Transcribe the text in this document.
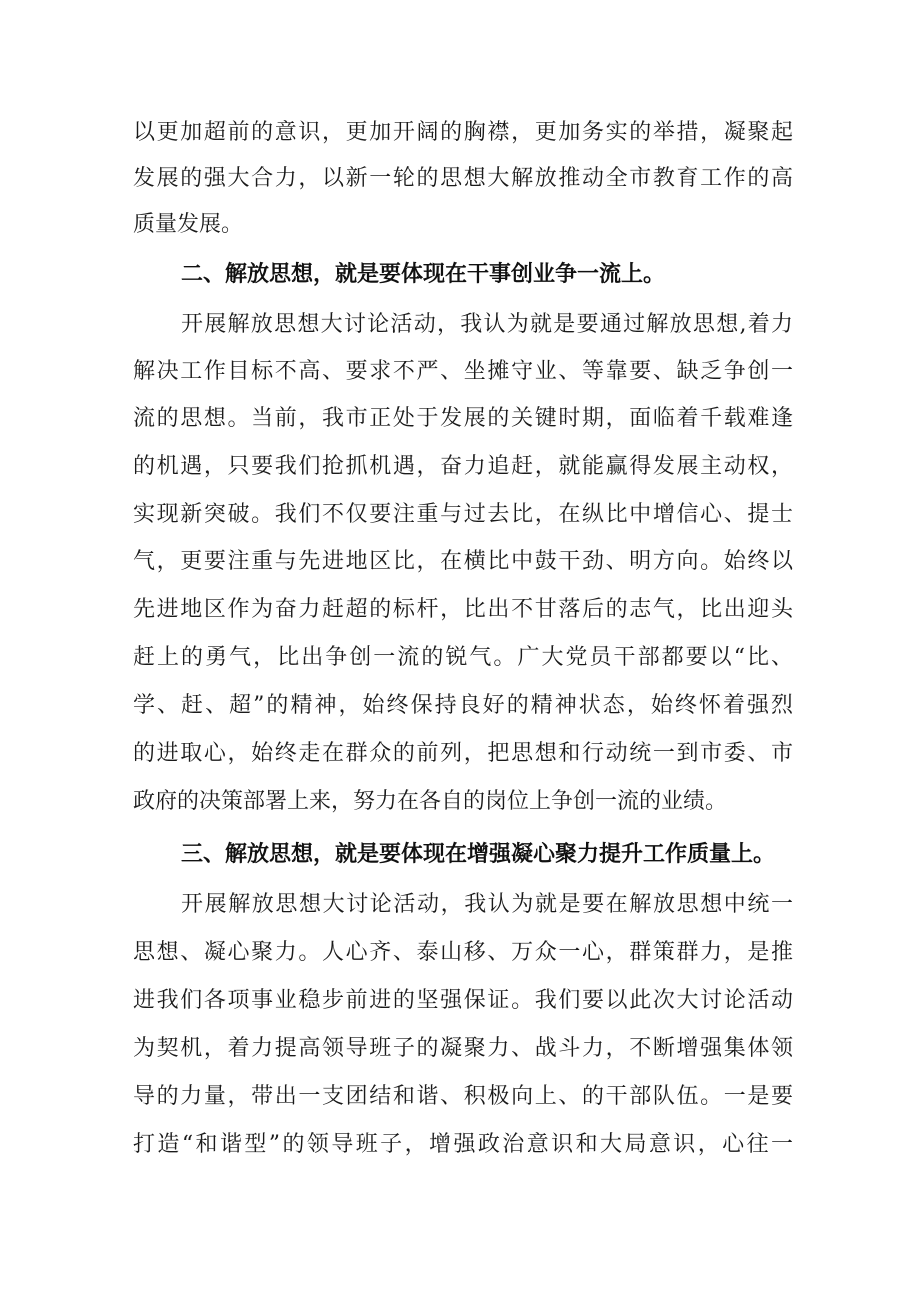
以更加超前的意识，更加开阔的胸襟，更加务实的举措，凝聚起
发展的强大合力，以新一轮的思想大解放推动全市教育工作的高
质量发展。
二、解放思想，就是要体现在干事创业争一流上。
开展解放思想大讨论活动，我认为就是要通过解放思想,着力
解决工作目标不高、要求不严、坐摊守业、等靠要、缺乏争创一
流的思想。当前，我市正处于发展的关键时期，面临着千载难逢
的机遇，只要我们抢抓机遇，奋力追赶，就能赢得发展主动权，
实现新突破。我们不仅要注重与过去比，在纵比中增信心、提士
气，更要注重与先进地区比，在横比中鼓干劲、明方向。始终以
先进地区作为奋力赶超的标杆，比出不甘落后的志气，比出迎头
赶上的勇气，比出争创一流的锐气。广大党员干部都要以“比、
学、赶、超”的精神，始终保持良好的精神状态，始终怀着强烈
的进取心，始终走在群众的前列，把思想和行动统一到市委、市
政府的决策部署上来，努力在各自的岗位上争创一流的业绩。
三、解放思想，就是要体现在增强凝心聚力提升工作质量上。
开展解放思想大讨论活动，我认为就是要在解放思想中统一
思想、凝心聚力。人心齐、泰山移、万众一心，群策群力，是推
进我们各项事业稳步前进的坚强保证。我们要以此次大讨论活动
为契机，着力提高领导班子的凝聚力、战斗力，不断增强集体领
导的力量，带出一支团结和谐、积极向上、的干部队伍。一是要
打造“和谐型”的领导班子，增强政治意识和大局意识，心往一
